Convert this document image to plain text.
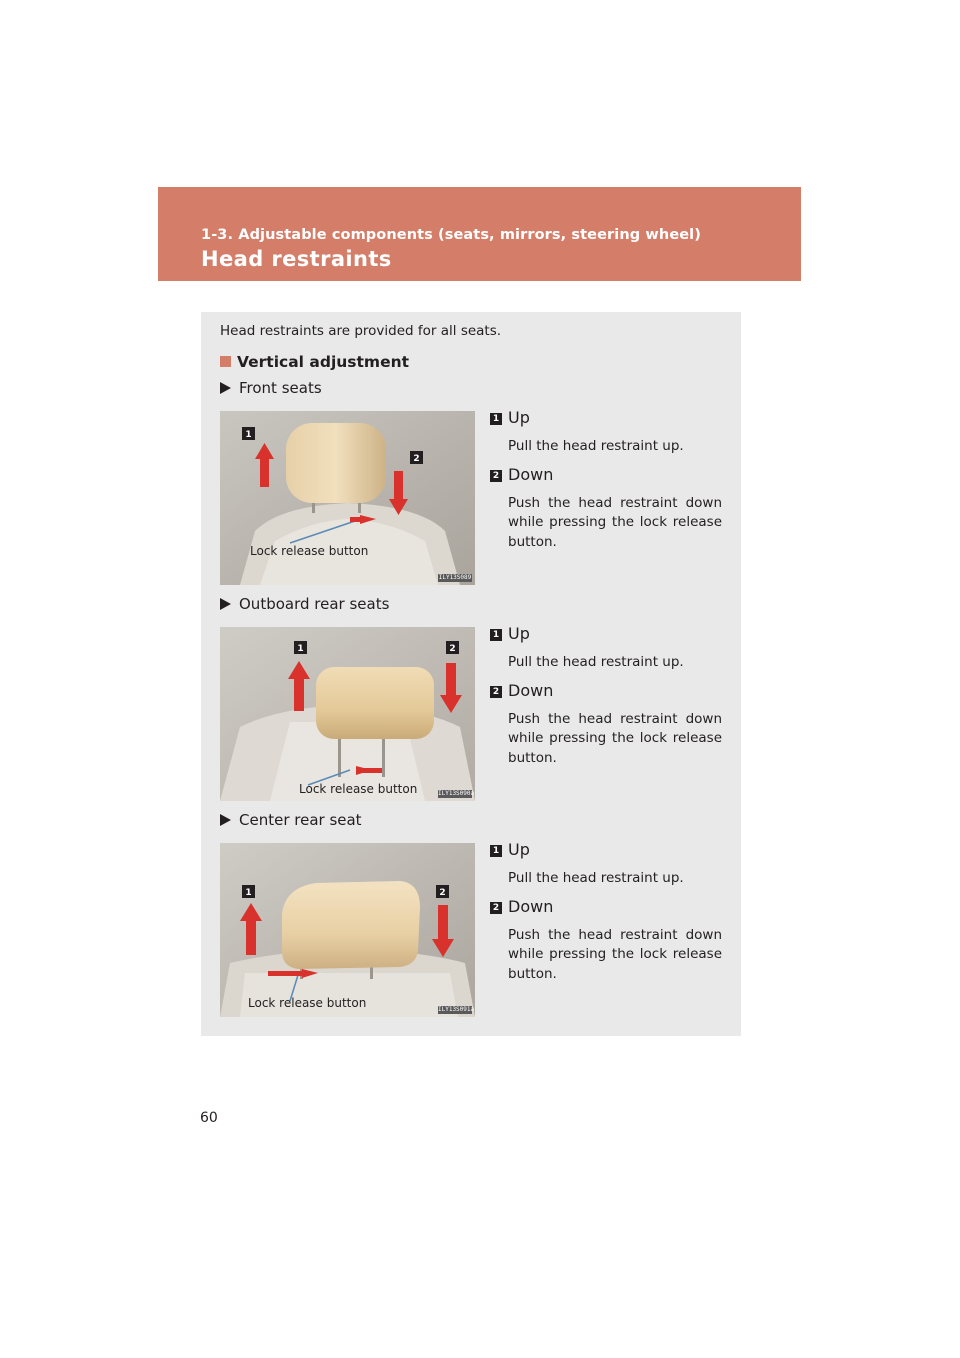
1-3. Adjustable components (seats, mirrors, steering wheel)
Head restraints
Head restraints are provided for all seats.
Vertical adjustment
Front seats
1
2
Lock release button
ILY13S089
1 Up
Pull the head restraint up.
2 Down
Push the head restraint down while pressing the lock release button.
Outboard rear seats
1	2
Lock release button	ILY13S090a
1 Up
Pull the head restraint up.
2 Down
Push the head restraint down while pressing the lock release button.
Center rear seat
1	2
Lock release button	ILY13S091a
1 Up
Pull the head restraint up.
2 Down
Push the head restraint down while pressing the lock release button.
60
